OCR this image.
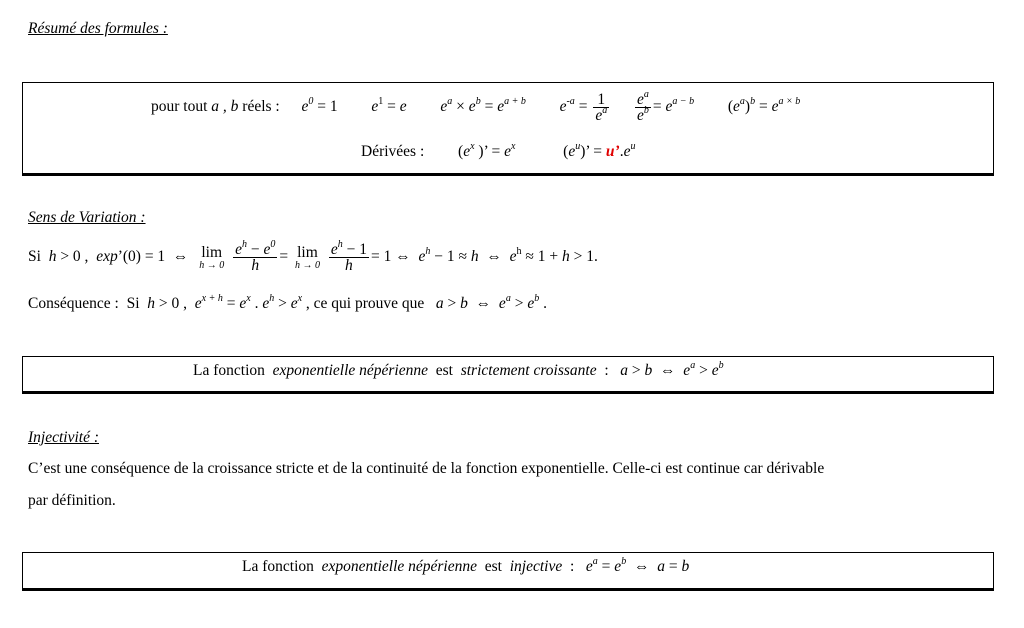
Résumé des formules :
pour tout a , b réels : $e^0 = 1$ $e^1 = e$ $e^a \times e^b = e^{a + b}$ $e^{-a} = \frac{1}{e^a}$
$\frac{e^a}{e^b} = e^{a - b}$ $(e^a)^b = e^{a \times b}$
Dérivées : ($e^x$ )’ = $e^x$	$(e^u)$’ = $u’.e^u$
Sens de Variation :
Si h > 0 ,  exp’(0) = 1  ⇔ lim
h → 0
$\frac{e^h - e^0}{h} = \lim$
h → 0
$\frac{e^h - 1}{h} = 1$ ⇔  $e^h - 1 \approx h$  ⇔  $e^h \approx 1 + h > 1$.
Conséquence :  Si  h > 0 ,  $e^{x + h} = e^x$ . $e^h > e^x$ , ce qui prouve que a > b  ⇔  $e^a > e^b$ .
La fonction exponentielle népérienne est strictement croissante  :   a > b  ⇔  $e^a > e^b$
Injectivité :
C’est une conséquence de la croissance stricte et de la continuité de la fonction exponentielle. Celle-ci est continue car dérivable
par définition.
La fonction exponentielle népérienne est injective  :   $e^a = e^b$  ⇔  a = b
